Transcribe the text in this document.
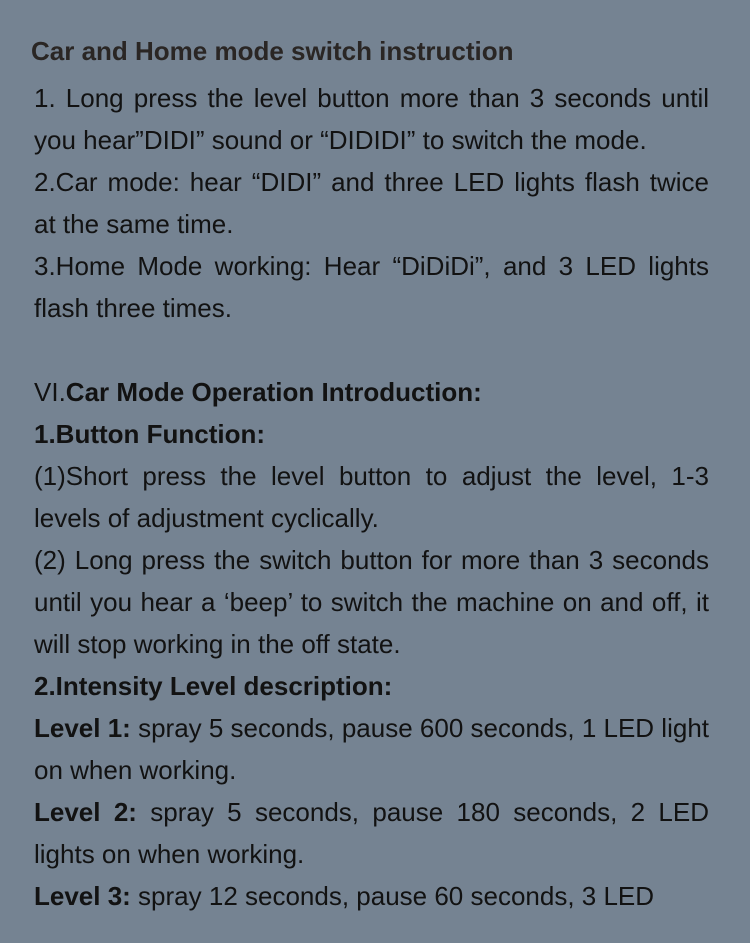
Car and Home mode switch instruction

1. Long press the level button more than 3 seconds until you hear”DIDI” sound or “DIDIDI” to switch the mode.

2.Car mode: hear “DIDI” and three LED lights flash twice at the same time.

3.Home Mode working: Hear “DiDiDi”, and 3 LED lights flash three times.

VI.Car Mode Operation Introduction:

1.Button Function:

(1)Short press the level button to adjust the level, 1-3 levels of adjustment cyclically.

(2) Long press the switch button for more than 3 seconds until you hear a ‘beep’ to switch the machine on and off, it will stop working in the off state.

2.Intensity Level description:

Level 1: spray 5 seconds, pause 600 seconds, 1 LED light on when working.

Level 2: spray 5 seconds, pause 180 seconds, 2 LED lights on when working.

Level 3: spray 12 seconds, pause 60 seconds, 3 LED
